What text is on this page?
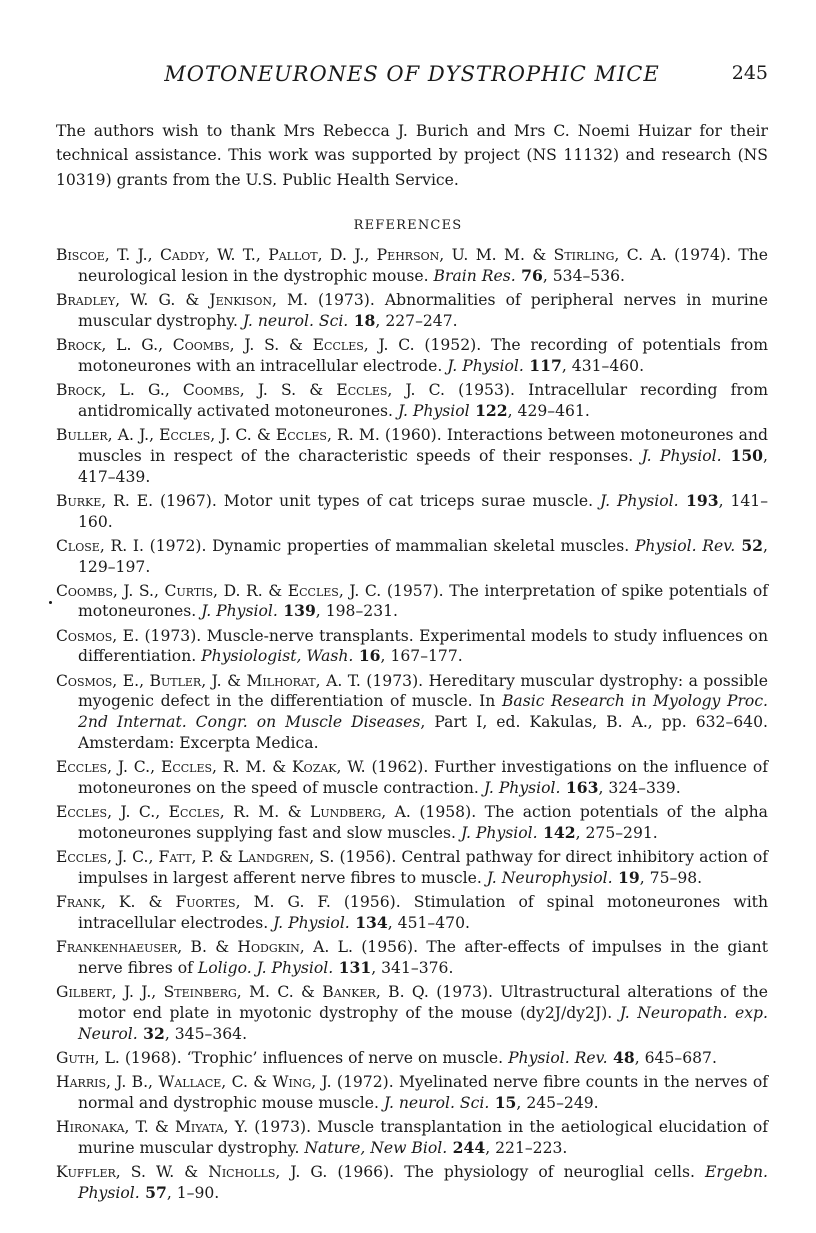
MOTONEURONES OF DYSTROPHIC MICE	245

The authors wish to thank Mrs Rebecca J. Burich and Mrs C. Noemi Huizar for their technical assistance. This work was supported by project (NS 11132) and research (NS 10319) grants from the U.S. Public Health Service.

REFERENCES

Biscoe, T. J., Caddy, W. T., Pallot, D. J., Pehrson, U. M. M. & Stirling, C. A. (1974). The neurological lesion in the dystrophic mouse. Brain Res. 76, 534–536.

Bradley, W. G. & Jenkison, M. (1973). Abnormalities of peripheral nerves in murine muscular dystrophy. J. neurol. Sci. 18, 227–247.

Brock, L. G., Coombs, J. S. & Eccles, J. C. (1952). The recording of potentials from motoneurones with an intracellular electrode. J. Physiol. 117, 431–460.

Brock, L. G., Coombs, J. S. & Eccles, J. C. (1953). Intracellular recording from antidromically activated motoneurones. J. Physiol 122, 429–461.

Buller, A. J., Eccles, J. C. & Eccles, R. M. (1960). Interactions between motoneurones and muscles in respect of the characteristic speeds of their responses. J. Physiol. 150, 417–439.

Burke, R. E. (1967). Motor unit types of cat triceps surae muscle. J. Physiol. 193, 141–160.

Close, R. I. (1972). Dynamic properties of mammalian skeletal muscles. Physiol. Rev. 52, 129–197.

Coombs, J. S., Curtis, D. R. & Eccles, J. C. (1957). The interpretation of spike potentials of motoneurones. J. Physiol. 139, 198–231.

Cosmos, E. (1973). Muscle-nerve transplants. Experimental models to study influences on differentiation. Physiologist, Wash. 16, 167–177.

Cosmos, E., Butler, J. & Milhorat, A. T. (1973). Hereditary muscular dystrophy: a possible myogenic defect in the differentiation of muscle. In Basic Research in Myology Proc. 2nd Internat. Congr. on Muscle Diseases, Part I, ed. Kakulas, B. A., pp. 632–640. Amsterdam: Excerpta Medica.

Eccles, J. C., Eccles, R. M. & Kozak, W. (1962). Further investigations on the influence of motoneurones on the speed of muscle contraction. J. Physiol. 163, 324–339.

Eccles, J. C., Eccles, R. M. & Lundberg, A. (1958). The action potentials of the alpha motoneurones supplying fast and slow muscles. J. Physiol. 142, 275–291.

Eccles, J. C., Fatt, P. & Landgren, S. (1956). Central pathway for direct inhibitory action of impulses in largest afferent nerve fibres to muscle. J. Neurophysiol. 19, 75–98.

Frank, K. & Fuortes, M. G. F. (1956). Stimulation of spinal motoneurones with intracellular electrodes. J. Physiol. 134, 451–470.

Frankenhaeuser, B. & Hodgkin, A. L. (1956). The after-effects of impulses in the giant nerve fibres of Loligo. J. Physiol. 131, 341–376.

Gilbert, J. J., Steinberg, M. C. & Banker, B. Q. (1973). Ultrastructural alterations of the motor end plate in myotonic dystrophy of the mouse (dy2J/dy2J). J. Neuropath. exp. Neurol. 32, 345–364.

Guth, L. (1968). ‘Trophic’ influences of nerve on muscle. Physiol. Rev. 48, 645–687.

Harris, J. B., Wallace, C. & Wing, J. (1972). Myelinated nerve fibre counts in the nerves of normal and dystrophic mouse muscle. J. neurol. Sci. 15, 245–249.

Hironaka, T. & Miyata, Y. (1973). Muscle transplantation in the aetiological elucidation of murine muscular dystrophy. Nature, New Biol. 244, 221–223.

Kuffler, S. W. & Nicholls, J. G. (1966). The physiology of neuroglial cells. Ergebn. Physiol. 57, 1–90.
